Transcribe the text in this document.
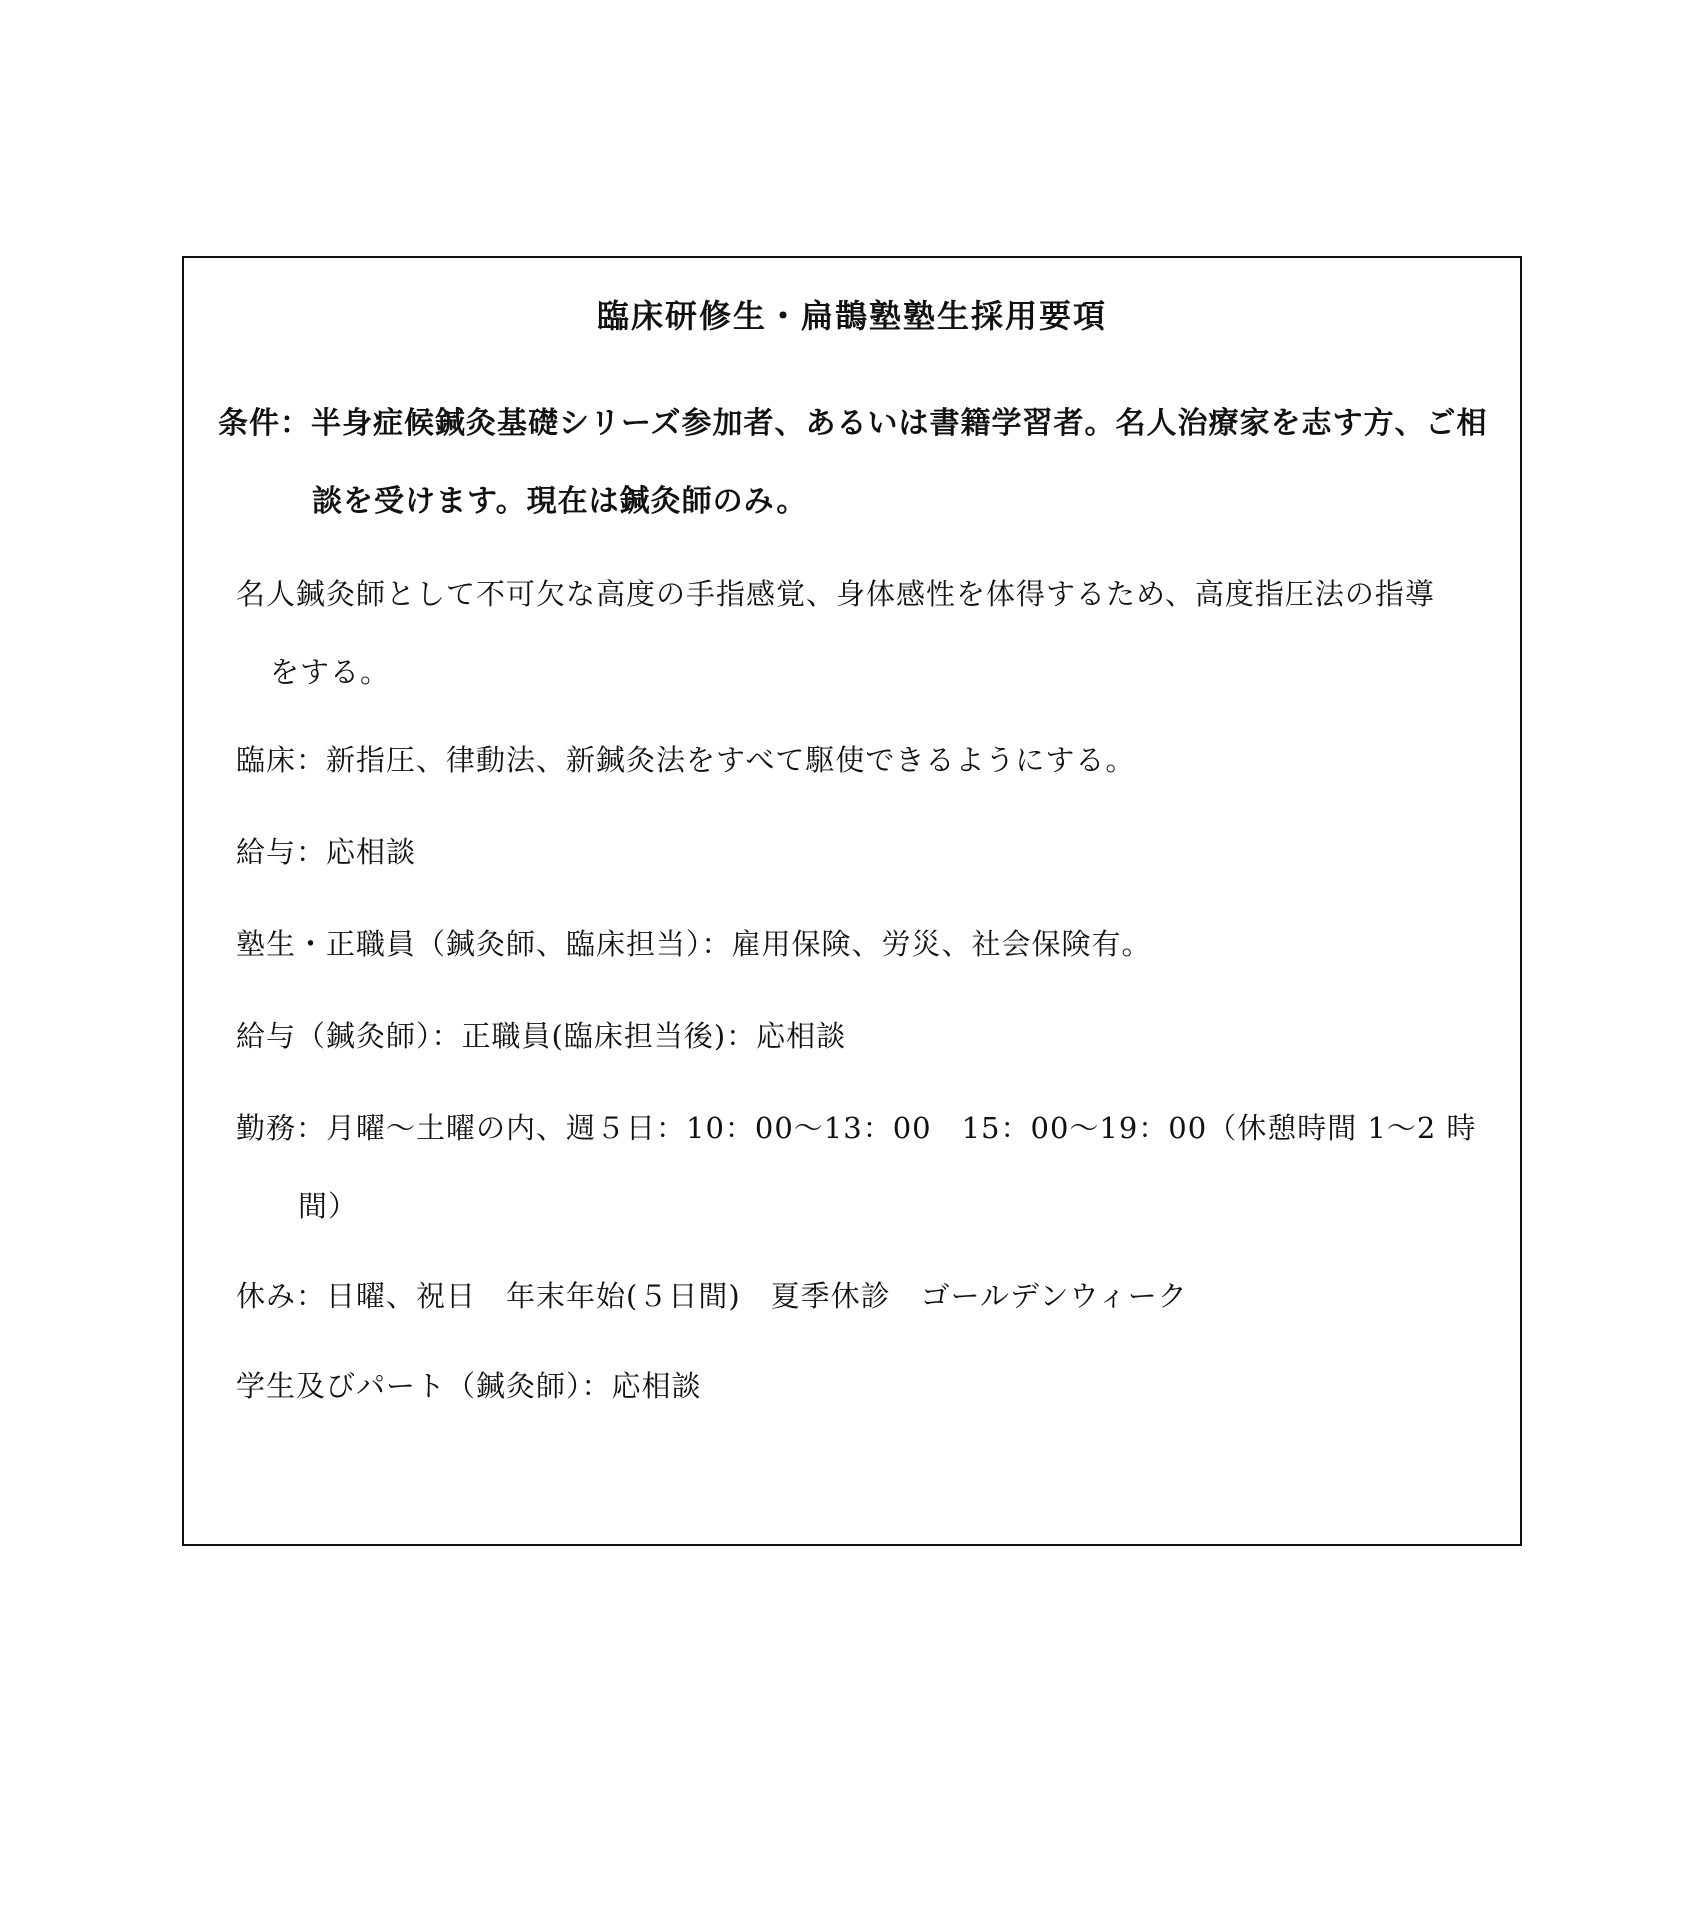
臨床研修生・扁鵲塾塾生採用要項
条件：半身症候鍼灸基礎シリーズ参加者、あるいは書籍学習者。名人治療家を志す方、ご相
談を受けます。現在は鍼灸師のみ。
名人鍼灸師として不可欠な高度の手指感覚、身体感性を体得するため、高度指圧法の指導
をする。
臨床：新指圧、律動法、新鍼灸法をすべて駆使できるようにする。
給与：応相談
塾生・正職員（鍼灸師、臨床担当）：雇用保険、労災、社会保険有。
給与（鍼灸師）：正職員(臨床担当後)：応相談
勤務：月曜～土曜の内、週５日：10：00～13：00　15：00～19：00（休憩時間 1～2 時
間）
休み：日曜、祝日　年末年始(５日間)　夏季休診　ゴールデンウィーク
学生及びパート（鍼灸師）：応相談
